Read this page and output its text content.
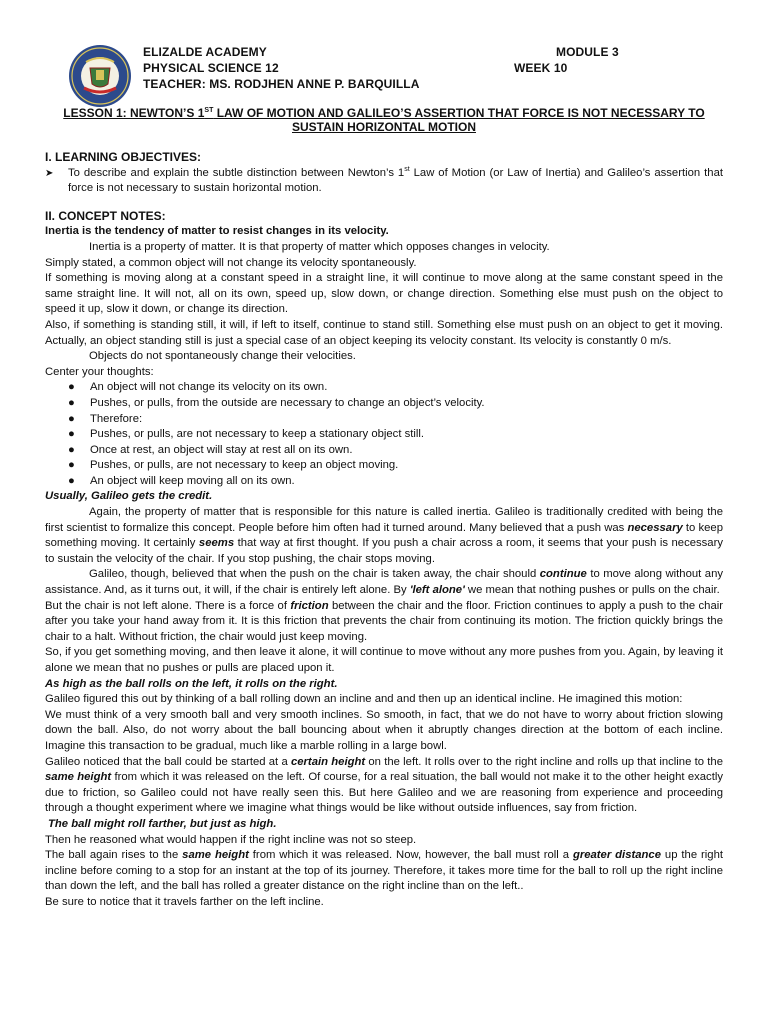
ELIZALDE ACADEMY
PHYSICAL SCIENCE 12
TEACHER: MS. RODJHEN ANNE P. BARQUILLA
MODULE 3
WEEK 10
LESSON 1: NEWTON’S 1ST LAW OF MOTION AND GALILEO’S ASSERTION THAT FORCE IS NOT NECESSARY TO
SUSTAIN HORIZONTAL MOTION

I. LEARNING OBJECTIVES:

➤ To describe and explain the subtle distinction between Newton’s 1st Law of Motion (or Law of Inertia) and Galileo’s assertion that force is not necessary to sustain horizontal motion.

II. CONCEPT NOTES:

Inertia is the tendency of matter to resist changes in its velocity.

Inertia is a property of matter. It is that property of matter which opposes changes in velocity.

Simply stated, a common object will not change its velocity spontaneously.

If something is moving along at a constant speed in a straight line, it will continue to move along at the same constant speed in the same straight line. It will not, all on its own, speed up, slow down, or change direction. Something else must push on the object to speed it up, slow it down, or change its direction.

Also, if something is standing still, it will, if left to itself, continue to stand still. Something else must push on an object to get it moving. Actually, an object standing still is just a special case of an object keeping its velocity constant. Its velocity is constantly 0 m/s.

Objects do not spontaneously change their velocities.

Center your thoughts:

● An object will not change its velocity on its own.
● Pushes, or pulls, from the outside are necessary to change an object’s velocity.
● Therefore:
● Pushes, or pulls, are not necessary to keep a stationary object still.
● Once at rest, an object will stay at rest all on its own.
● Pushes, or pulls, are not necessary to keep an object moving.
● An object will keep moving all on its own.

Usually, Galileo gets the credit.

Again, the property of matter that is responsible for this nature is called inertia. Galileo is traditionally credited with being the first scientist to formalize this concept. People before him often had it turned around. Many believed that a push was necessary to keep something moving. It certainly seems that way at first thought. If you push a chair across a room, it seems that your push is necessary to sustain the velocity of the chair. If you stop pushing, the chair stops moving.

Galileo, though, believed that when the push on the chair is taken away, the chair should continue to move along without any assistance. And, as it turns out, it will, if the chair is entirely left alone. By 'left alone' we mean that nothing pushes or pulls on the chair.

But the chair is not left alone. There is a force of friction between the chair and the floor. Friction continues to apply a push to the chair after you take your hand away from it. It is this friction that prevents the chair from continuing its motion. The friction quickly brings the chair to a halt. Without friction, the chair would just keep moving.

So, if you get something moving, and then leave it alone, it will continue to move without any more pushes from you. Again, by leaving it alone we mean that no pushes or pulls are placed upon it.

As high as the ball rolls on the left, it rolls on the right.

Galileo figured this out by thinking of a ball rolling down an incline and and then up an identical incline. He imagined this motion:

We must think of a very smooth ball and very smooth inclines. So smooth, in fact, that we do not have to worry about friction slowing down the ball. Also, do not worry about the ball bouncing about when it abruptly changes direction at the bottom of each incline. Imagine this transaction to be gradual, much like a marble rolling in a large bowl.

Galileo noticed that the ball could be started at a certain height on the left. It rolls over to the right incline and rolls up that incline to the same height from which it was released on the left. Of course, for a real situation, the ball would not make it to the other height exactly due to friction, so Galileo could not have really seen this. But here Galileo and we are reasoning from experience and proceeding through a thought experiment where we imagine what things would be like without outside influences, say from friction.

The ball might roll farther, but just as high.

Then he reasoned what would happen if the right incline was not so steep.

The ball again rises to the same height from which it was released. Now, however, the ball must roll a greater distance up the right incline before coming to a stop for an instant at the top of its journey. Therefore, it takes more time for the ball to roll up the right incline than down the left, and the ball has rolled a greater distance on the right incline than on the left..

Be sure to notice that it travels farther on the left incline.
